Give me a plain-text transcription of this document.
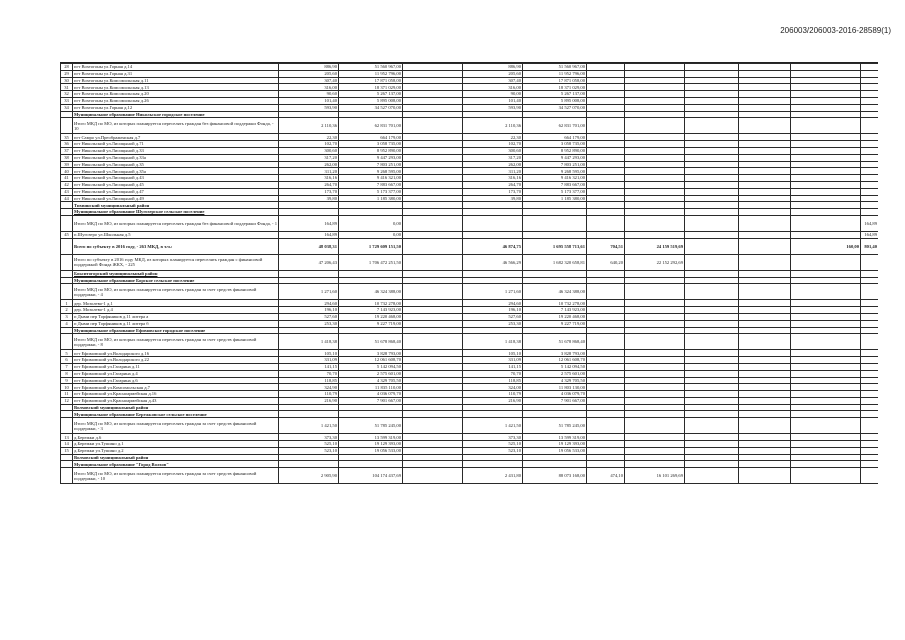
206003/206003-2016-28589(1)
28	пгт Вохтогоны ул.Горная д.14	886,90	51 560 967,00		886,90	51 560 967,00						
29	пгт Вохтогоны ул.Горная д.31	205,60	11 952 796,00		205,60	11 952 796,00						
30	пгт Вохтогоны ул.Комсомольская д.11	307,40	17 871 058,00		307,40	17 871 058,00						
31	пгт Вохтогоны ул.Комсомольская д.13	316,00	18 371 029,00		316,00	18 371 029,00						
32	пгт Вохтогоны ул.Комсомольская д.20	90,60	5 267 137,00		90,00	5 267 137,00						
33	пгт Вохтогоны ул.Комсомольская д.26	101,40	5 895 008,00		101,40	5 895 008,00						
34	пгт Вохтогоны ул.Горная д.12	593,90	34 527 070,00		593,90	34 527 070,00						
	Муниципальное образование Никольское городское поселение											
	Итого МКД по МО, из которых планируется переселять граждан без финансовой поддержки Фонда, - 10	2 110,36	62 831 701,00		2 110,36	62 831 701,00						
35	пгт Самро ул.Преображенская д.7	22,30	664 179,00		22,30	664 179,00						
36	пгт Никольский ул.Лисицыной д.71	102,70	3 058 735,00		102,70	3 058 735,00						
37	пгт Никольский ул.Лисицыной д.33	300,60	8 952 890,00		300,60	8 952 890,00						
38	пгт Никольский ул.Лисицыной д.33а	317,20	9 447 293,00		317,20	9 447 293,00						
39	пгт Никольский ул.Лисицыной д.35	262,00	7 803 251,00		262,00	7 803 251,00						
40	пгт Никольский ул.Лисицыной д.35а	311,20	9 268 595,00		311,20	9 268 595,00						
41	пгт Никольский ул.Лисицыной д.43	316,16	9 416 321,00		316,16	9 416 321,00						
42	пгт Никольский ул.Лисицыной д.45	264,70	7 883 667,00		264,70	7 883 667,00						
43	пгт Никольский ул.Лисицыной д.47	173,70	5 173 377,00		173,70	5 173 377,00						
44	пгт Никольский ул.Лисицыной д.49	39,80	1 185 380,00		39,80	1 185 380,00						
	Тихвинский муниципальный район											
	Муниципальное образование Шугозерское сельское поселение											
	Итого МКД по МО, из которых планируется переселять граждан без финансовой поддержки Фонда, - 1	164,89	0,00									164,89
45	п.Шугозеро ул.Школьная д.5	164,89	0,00									164,89
	Всего по субъекту в 2016 году, - 263 МКД, в т.ч.:	48 038,31	1 729 609 151,50		46 874,75	1 695 558 713,61	704,51	24 159 519,69			160,00	801,40
	Итого по субъекту в 2016 году МКД, из которых планируется переселять граждан с финансовой поддержкой Фонда ЖКХ, - 225	47 206,43	1 706 472 251,50		46 566,29	1 682 320 658,81	640,20	22 152 292,69				
	Бокситогорский муниципальный район											
	Муниципальное образование Борское сельское поселение											
	Итого МКД по МО, из которых планируется переселять граждан за счет средств финансовой поддержки, - 4	1 271,60	46 324 388,00		1 271,60	46 324 388,00						
1	дер. Мозолево-1 д.1	294,60	10 732 278,00		294,60	10 732 278,00						
2	дер. Мозолево-1 д.4	196,10	7 143 923,00		196,10	7 143 923,00						
3	п Дыми пер Торфяников д.11 литера а	527,60	19 220 468,00		527,60	19 220 468,00						
4	п Дыми пер Торфяников д.11 литера б	253,30	9 227 719,00		253,30	9 227 719,00						
	Муниципальное образование Ефимовское городское поселение											
	Итого МКД по МО, из которых планируется переселять граждан за счет средств финансовой поддержки, - 8	1 418,38	51 678 868,40		1 418,38	51 678 868,40						
5	пгт Ефимовский ул.Володарского д.16	105,10	3 828 793,00		105,10	3 828 793,00						
6	пгт Ефимовский ул.Володарского д.22	331,09	12 061 608,70		331,09	12 061 608,70						
7	пгт Ефимовский ул.Гагарина д.11	141,15	5 142 094,50		141,15	5 142 094,50						
8	пгт Ефимовский ул.Гагарина д.4	70,70	2 575 601,00		70,70	2 575 601,00						
9	пгт Ефимовский ул.Гагарина д.6	118,85	4 329 705,50		118,85	4 329 705,50						
10	пгт Ефимовский ул.Комсомольская д.7	324,90	11 835 110,00		324,00	11 803 130,00						
11	пгт Ефимовский ул.Красноармейская д.16	110,79	4 036 079,70		110,79	4 036 079,70						
12	пгт Ефимовский ул.Красноармейская д.43	216,90	7 901 667,00		216,90	7 901 667,00						
	Волховский муниципальный район											
	Муниципальное образование Бережковское сельское поселение											
	Итого МКД по МО, из которых планируется переселять граждан за счет средств финансовой поддержки, - 3	1 421,50	51 785 245,00		1 421,50	51 785 245,00						
13	д.Бережки д.6	373,30	13 599 319,00		373,30	13 599 319,00						
14	д.Бережки ул.Тушино д.1	525,10	19 129 393,00		525,10	19 129 393,00						
15	д.Бережки ул.Тушино д.2	523,10	19 056 533,00		523,10	19 056 533,00						
	Волховский муниципальный район											
	Муниципальное образование "Город Волхов"											
	Итого МКД по МО, из которых планируется переселять граждан за счет средств финансовой поддержки, - 10	2 905,90	104 174 437,69		2 431,80	88 073 168,00	474,10	16 101 269,69				
